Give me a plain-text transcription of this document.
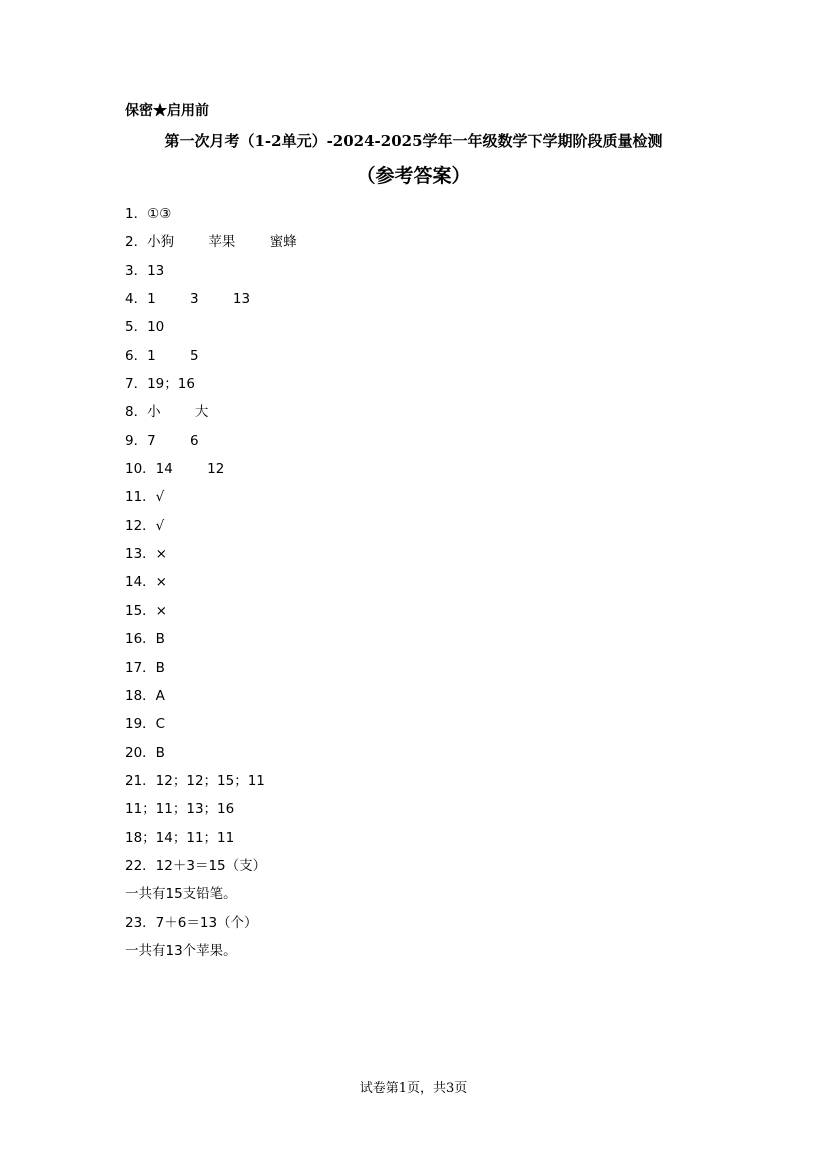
保密★启用前
第一次月考（1-2单元）-2024-2025学年一年级数学下学期阶段质量检测
（参考答案）
1．①③
2．小狗        苹果        蜜蜂
3．13
4．1        3        13
5．10
6．1        5
7．19；16
8．小        大
9．7        6
10．14        12
11．√
12．√
13．×
14．×
15．×
16．B
17．B
18．A
19．C
20．B
21．12；12；15；11
11；11；13；16
18；14；11；11
22．12＋3＝15（支）
一共有15支铅笔。
23．7＋6＝13（个）
一共有13个苹果。
试卷第1页，共3页
